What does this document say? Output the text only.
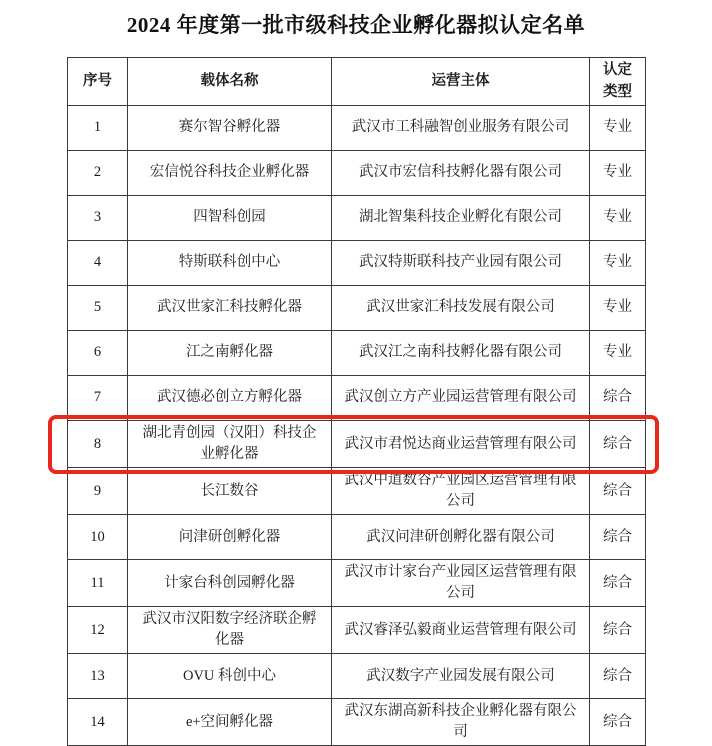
2024 年度第一批市级科技企业孵化器拟认定名单
序号	载体名称	运营主体	认定类型
1	赛尔智谷孵化器	武汉市工科融智创业服务有限公司	专业
2	宏信悦谷科技企业孵化器	武汉市宏信科技孵化器有限公司	专业
3	四智科创园	湖北智集科技企业孵化有限公司	专业
4	特斯联科创中心	武汉特斯联科技产业园有限公司	专业
5	武汉世家汇科技孵化器	武汉世家汇科技发展有限公司	专业
6	江之南孵化器	武汉江之南科技孵化器有限公司	专业
7	武汉德必创立方孵化器	武汉创立方产业园运营管理有限公司	综合
8	湖北青创园（汉阳）科技企业孵化器	武汉市君悦达商业运营管理有限公司	综合
9	长江数谷	武汉中道数谷产业园区运营管理有限公司	综合
10	问津研创孵化器	武汉问津研创孵化器有限公司	综合
11	计家台科创园孵化器	武汉市计家台产业园区运营管理有限公司	综合
12	武汉市汉阳数字经济联企孵化器	武汉睿泽弘毅商业运营管理有限公司	综合
13	OVU 科创中心	武汉数字产业园发展有限公司	综合
14	e+空间孵化器	武汉东湖高新科技企业孵化器有限公司	综合
